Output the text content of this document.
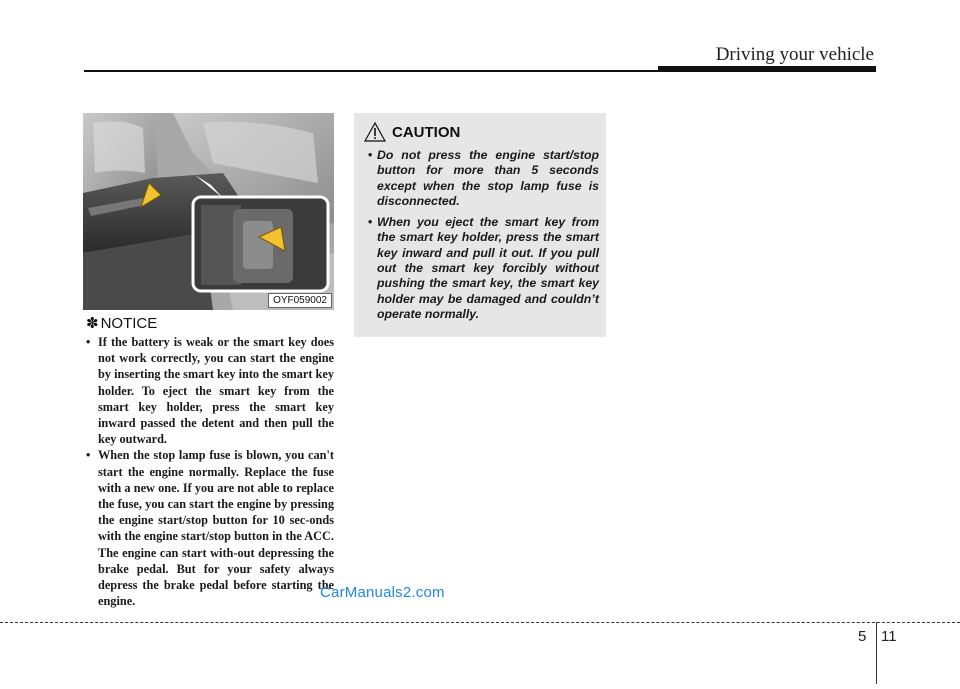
Driving your vehicle
OYF059002
✽ NOTICE
• If the battery is weak or the smart key does not work correctly, you can start the engine by inserting the smart key into the smart key holder. To eject the smart key from the smart key holder, press the smart key inward passed the detent and then pull the key outward.
• When the stop lamp fuse is blown, you can't start the engine normally. Replace the fuse with a new one. If you are not able to replace the fuse, you can start the engine by pressing the engine start/stop button for 10 sec-onds with the engine start/stop button in the ACC. The engine can start with-out depressing the brake pedal. But for your safety always depress the brake pedal before starting the engine.
CAUTION
• Do not press the engine start/stop button for more than 5 seconds except when the stop lamp fuse is disconnected.
• When you eject the smart key from the smart key holder, press the smart key inward and pull it out. If you pull out the smart key forcibly without pushing the smart key, the smart key holder may be damaged and couldn’t operate normally.
CarManuals2.com
5 11
